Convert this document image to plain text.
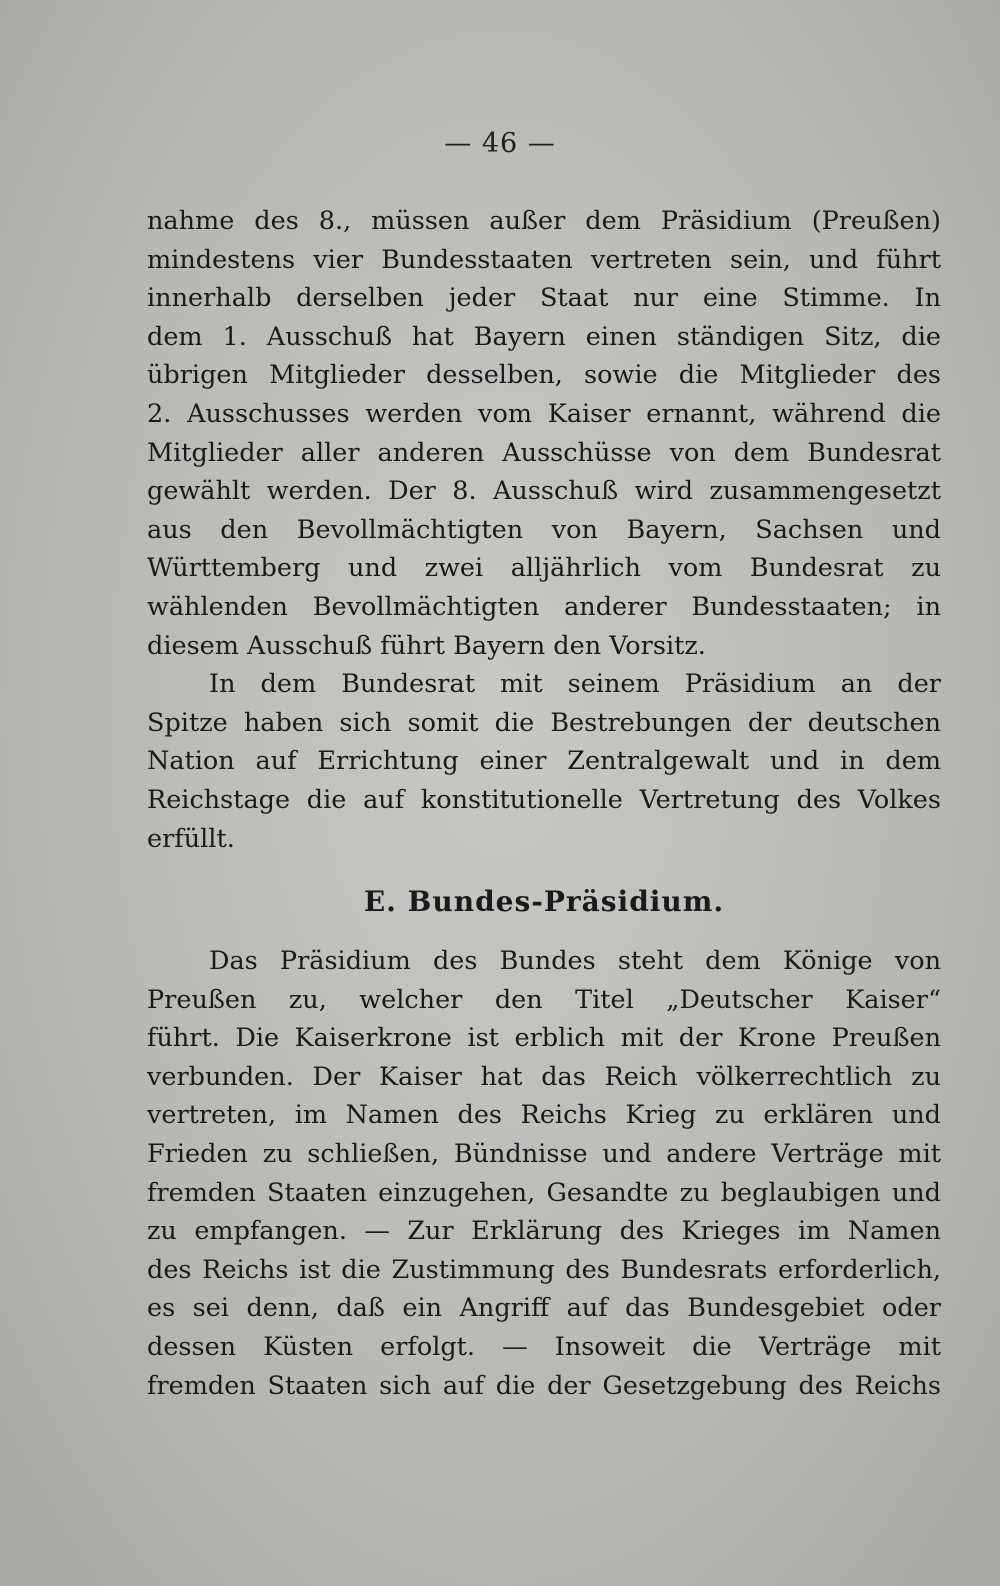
— 46 —
nahme des 8., müssen außer dem Präsidium (Preußen)
mindestens vier Bundesstaaten vertreten sein, und führt
innerhalb derselben jeder Staat nur eine Stimme. In
dem 1. Ausschuß hat Bayern einen ständigen Sitz, die
übrigen Mitglieder desselben, sowie die Mitglieder des
2. Ausschusses werden vom Kaiser ernannt, während die
Mitglieder aller anderen Ausschüsse von dem Bundesrat
gewählt werden. Der 8. Ausschuß wird zusammengesetzt
aus den Bevollmächtigten von Bayern, Sachsen und
Württemberg und zwei alljährlich vom Bundesrat zu
wählenden Bevollmächtigten anderer Bundesstaaten; in
diesem Ausschuß führt Bayern den Vorsitz.
In dem Bundesrat mit seinem Präsidium an der
Spitze haben sich somit die Bestrebungen der deutschen
Nation auf Errichtung einer Zentralgewalt und in dem
Reichstage die auf konstitutionelle Vertretung des Volkes
erfüllt.
E. Bundes-Präsidium.
Das Präsidium des Bundes steht dem Könige von
Preußen zu, welcher den Titel „Deutscher Kaiser“
führt. Die Kaiserkrone ist erblich mit der Krone Preußen
verbunden. Der Kaiser hat das Reich völkerrechtlich zu
vertreten, im Namen des Reichs Krieg zu erklären und
Frieden zu schließen, Bündnisse und andere Verträge mit
fremden Staaten einzugehen, Gesandte zu beglaubigen und
zu empfangen. — Zur Erklärung des Krieges im Namen
des Reichs ist die Zustimmung des Bundesrats erforderlich,
es sei denn, daß ein Angriff auf das Bundesgebiet oder
dessen Küsten erfolgt. — Insoweit die Verträge mit
fremden Staaten sich auf die der Gesetzgebung des Reichs
